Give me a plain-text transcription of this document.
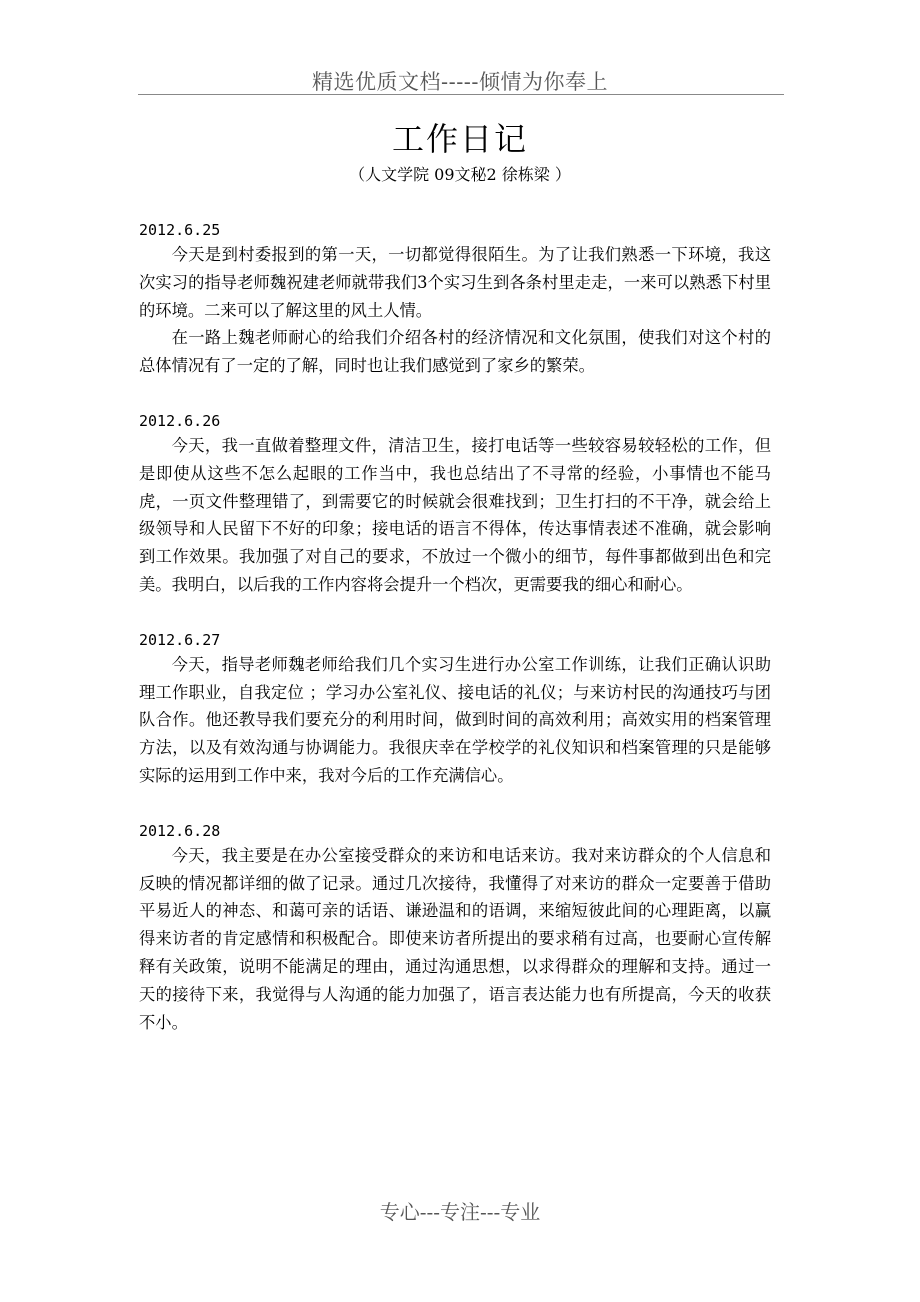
精选优质文档-----倾情为你奉上
工作日记
（人文学院 09文秘2 徐栋梁 ）
2012.6.25

今天是到村委报到的第一天，一切都觉得很陌生。为了让我们熟悉一下环境，我这次实习的指导老师魏祝建老师就带我们3个实习生到各条村里走走，一来可以熟悉下村里的环境。二来可以了解这里的风土人情。

在一路上魏老师耐心的给我们介绍各村的经济情况和文化氛围，使我们对这个村的总体情况有了一定的了解，同时也让我们感觉到了家乡的繁荣。

2012.6.26

今天，我一直做着整理文件，清洁卫生，接打电话等一些较容易较轻松的工作，但是即使从这些不怎么起眼的工作当中，我也总结出了不寻常的经验，小事情也不能马虎，一页文件整理错了，到需要它的时候就会很难找到；卫生打扫的不干净，就会给上级领导和人民留下不好的印象；接电话的语言不得体，传达事情表述不准确，就会影响到工作效果。我加强了对自己的要求，不放过一个微小的细节，每件事都做到出色和完美。我明白，以后我的工作内容将会提升一个档次，更需要我的细心和耐心。

2012.6.27

今天，指导老师魏老师给我们几个实习生进行办公室工作训练，让我们正确认识助理工作职业，自我定位 ；学习办公室礼仪、接电话的礼仪；与来访村民的沟通技巧与团队合作。他还教导我们要充分的利用时间，做到时间的高效利用；高效实用的档案管理方法，以及有效沟通与协调能力。我很庆幸在学校学的礼仪知识和档案管理的只是能够实际的运用到工作中来，我对今后的工作充满信心。

2012.6.28

今天，我主要是在办公室接受群众的来访和电话来访。我对来访群众的个人信息和反映的情况都详细的做了记录。通过几次接待，我懂得了对来访的群众一定要善于借助平易近人的神态、和蔼可亲的话语、谦逊温和的语调，来缩短彼此间的心理距离，以赢得来访者的肯定感情和积极配合。即使来访者所提出的要求稍有过高，也要耐心宣传解释有关政策，说明不能满足的理由，通过沟通思想，以求得群众的理解和支持。通过一天的接待下来，我觉得与人沟通的能力加强了，语言表达能力也有所提高，今天的收获不小。

专心---专注---专业
